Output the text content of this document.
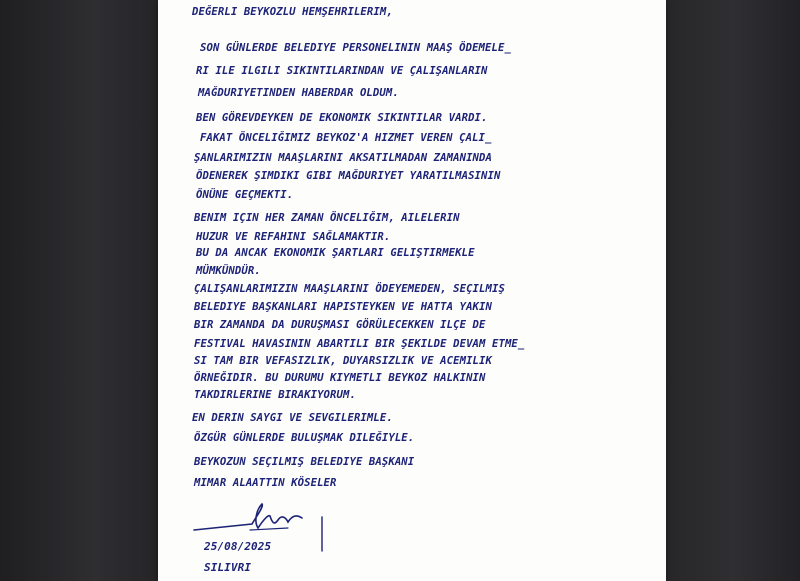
DEĞERLI BEYKOZLU HEMŞEHRILERIM,

SON GÜNLERDE BELEDIYE PERSONELININ MAAŞ ÖDEMELE_

RI ILE ILGILI SIKINTILARINDAN VE ÇALIŞANLARIN

MAĞDURIYETINDEN HABERDAR OLDUM.

BEN GÖREVDEYKEN DE EKONOMIK SIKINTILAR VARDI.

FAKAT ÖNCELIĞIMIZ BEYKOZ'A HIZMET VEREN ÇALI_

ŞANLARIMIZIN MAAŞLARINI AKSATILMADAN ZAMANINDA

ÖDENEREK ŞIMDIKI GIBI MAĞDURIYET YARATILMASININ

ÖNÜNE GEÇMEKTI.

BENIM IÇIN HER ZAMAN ÖNCELIĞIM, AILELERIN

HUZUR VE REFAHINI SAĞLAMAKTIR.

BU DA ANCAK EKONOMIK ŞARTLARI GELIŞTIRMEKLE

MÜMKÜNDÜR.

ÇALIŞANLARIMIZIN MAAŞLARINI ÖDEYEMEDEN, SEÇILMIŞ

BELEDIYE BAŞKANLARI HAPISTEYKEN VE HATTA YAKIN

BIR ZAMANDA DA DURUŞMASI GÖRÜLECEKKEN ILÇE DE

FESTIVAL HAVASININ ABARTILI BIR ŞEKILDE DEVAM ETME_

SI TAM BIR VEFASIZLIK, DUYARSIZLIK VE ACEMILIK

ÖRNEĞIDIR. BU DURUMU KIYMETLI BEYKOZ HALKININ

TAKDIRLERINE BIRAKIYORUM.

EN DERIN SAYGI VE SEVGILERIMLE.

ÖZGÜR GÜNLERDE BULUŞMAK DILEĞIYLE.

BEYKOZUN SEÇILMIŞ BELEDIYE BAŞKANI

MIMAR ALAATTIN KÖSELER

25/08/2025

SILIVRI
